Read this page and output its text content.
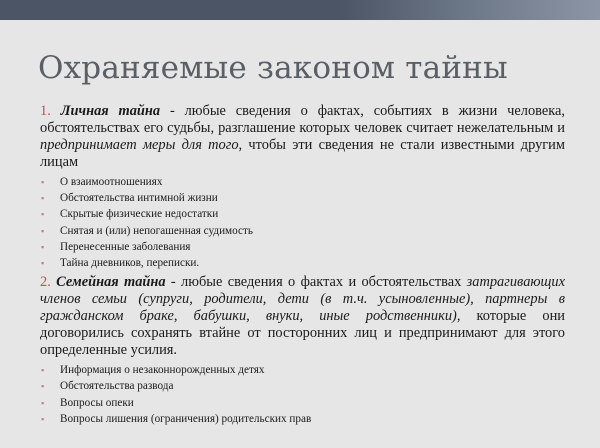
Охраняемые законом тайны

1. Личная тайна - любые сведения о фактах, событиях в жизни человека, обстоятельствах его судьбы, разглашение которых человек считает нежелательным и предпринимает меры для того, чтобы эти сведения не стали известными другим лицам

▪ О взаимоотношениях
▪ Обстоятельства интимной жизни
▪ Скрытые физические недостатки
▪ Снятая и (или) непогашенная судимость
▪ Перенесенные заболевания
▪ Тайна дневников, переписки.

2. Семейная тайна - любые сведения о фактах и обстоятельствах затрагивающих членов семьи (супруги, родители, дети (в т.ч. усыновленные), партнеры в гражданском браке, бабушки, внуки, иные родственники), которые они договорились сохранять втайне от посторонних лиц и предпринимают для этого определенные усилия.

▪ Информация о незаконнорожденных детях
▪ Обстоятельства развода
▪ Вопросы опеки
▪ Вопросы лишения (ограничения) родительских прав
